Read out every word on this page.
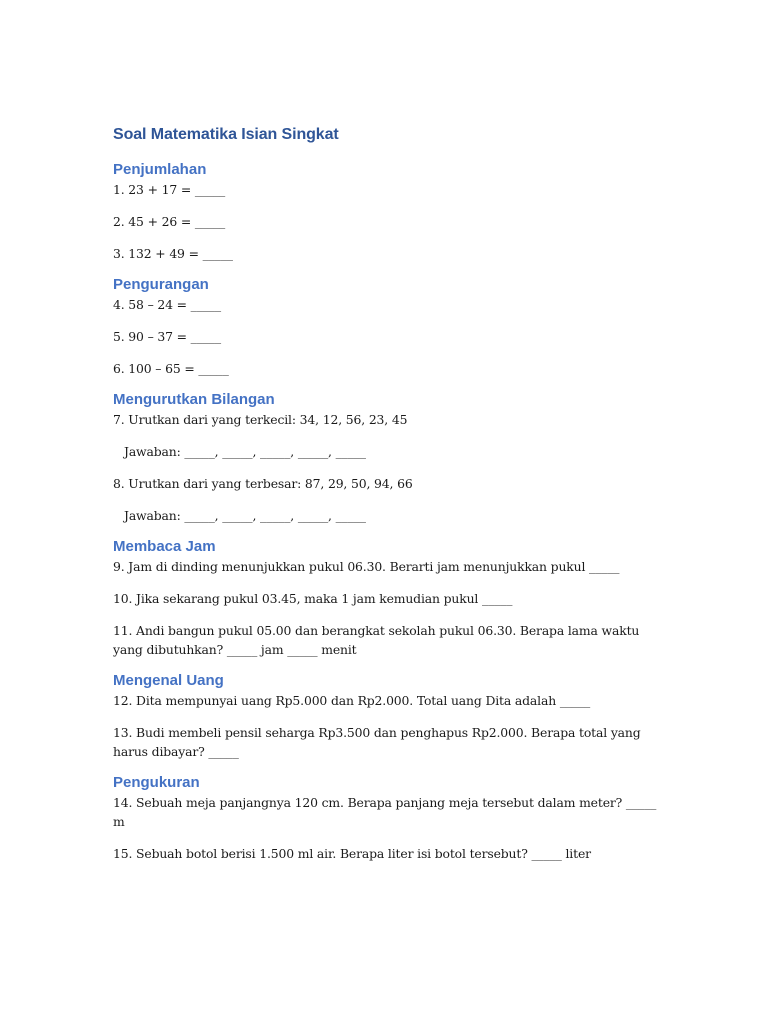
Soal Matematika Isian Singkat
Penjumlahan

1. 23 + 17 = _____

2. 45 + 26 = _____

3. 132 + 49 = _____

Pengurangan

4. 58 – 24 = _____

5. 90 – 37 = _____

6. 100 – 65 = _____

Mengurutkan Bilangan

7. Urutkan dari yang terkecil: 34, 12, 56, 23, 45

Jawaban: _____, _____, _____, _____, _____

8. Urutkan dari yang terbesar: 87, 29, 50, 94, 66

Jawaban: _____, _____, _____, _____, _____

Membaca Jam

9. Jam di dinding menunjukkan pukul 06.30. Berarti jam menunjukkan pukul _____

10. Jika sekarang pukul 03.45, maka 1 jam kemudian pukul _____

11. Andi bangun pukul 05.00 dan berangkat sekolah pukul 06.30. Berapa lama waktu yang dibutuhkan? _____ jam _____ menit

Mengenal Uang

12. Dita mempunyai uang Rp5.000 dan Rp2.000. Total uang Dita adalah _____

13. Budi membeli pensil seharga Rp3.500 dan penghapus Rp2.000. Berapa total yang harus dibayar? _____

Pengukuran

14. Sebuah meja panjangnya 120 cm. Berapa panjang meja tersebut dalam meter? _____ m

15. Sebuah botol berisi 1.500 ml air. Berapa liter isi botol tersebut? _____ liter
